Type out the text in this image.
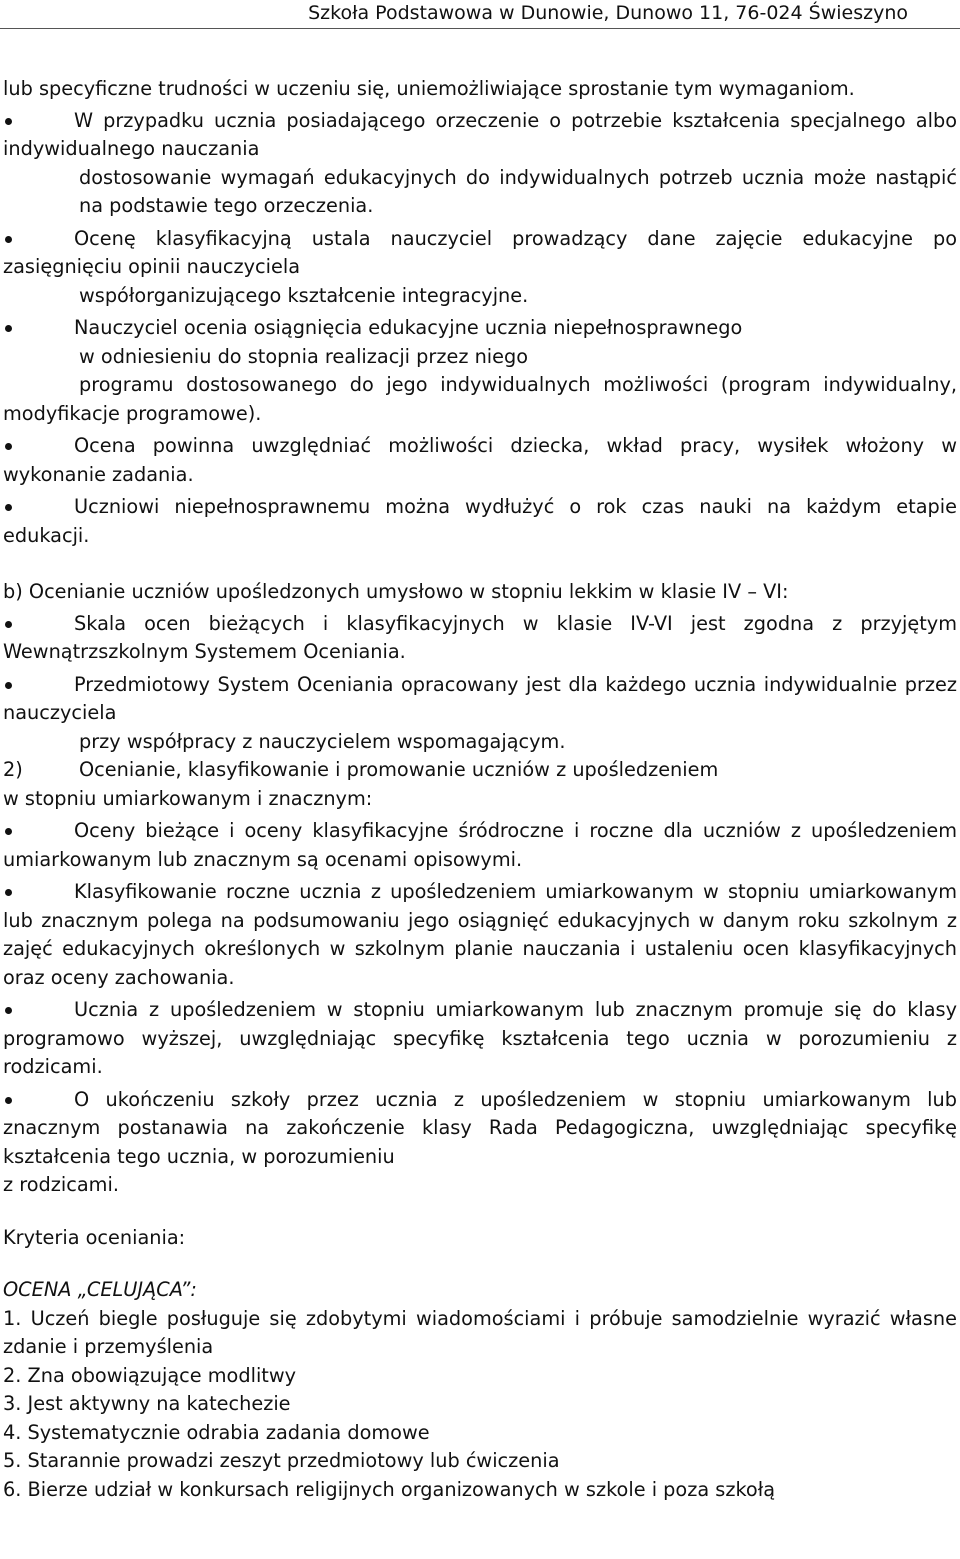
Szkoła Podstawowa w Dunowie, Dunowo 11, 76-024 Świeszyno

lub specyficzne trudności w uczeniu się, uniemożliwiające sprostanie tym wymaganiom.

W przypadku ucznia posiadającego orzeczenie o potrzebie kształcenia specjalnego albo indywidualnego nauczania
dostosowanie wymagań edukacyjnych do indywidualnych potrzeb ucznia może nastąpić na podstawie tego orzeczenia.

Ocenę klasyfikacyjną ustala nauczyciel prowadzący dane zajęcie edukacyjne po zasięgnięciu opinii nauczyciela
współorganizującego kształcenie integracyjne.

Nauczyciel ocenia osiągnięcia edukacyjne ucznia niepełnosprawnego
w odniesieniu do stopnia realizacji przez niego
programu dostosowanego do jego indywidualnych możliwości (program indywidualny, modyfikacje programowe).

Ocena powinna uwzględniać możliwości dziecka, wkład pracy, wysiłek włożony w wykonanie zadania.

Uczniowi niepełnosprawnemu można wydłużyć o rok czas nauki na każdym etapie edukacji.

b) Ocenianie uczniów upośledzonych umysłowo w stopniu lekkim w klasie IV – VI:

Skala ocen bieżących i klasyfikacyjnych w klasie IV-VI jest zgodna z przyjętym Wewnątrzszkolnym Systemem Oceniania.

Przedmiotowy System Oceniania opracowany jest dla każdego ucznia indywidualnie przez nauczyciela
przy współpracy z nauczycielem wspomagającym.

2)	Ocenianie, klasyfikowanie i promowanie uczniów z upośledzeniem
w stopniu umiarkowanym i znacznym:

Oceny bieżące i oceny klasyfikacyjne śródroczne i roczne dla uczniów z upośledzeniem umiarkowanym lub znacznym są ocenami opisowymi.

Klasyfikowanie roczne ucznia z upośledzeniem umiarkowanym w stopniu umiarkowanym lub znacznym polega na podsumowaniu jego osiągnięć edukacyjnych w danym roku szkolnym z zajęć edukacyjnych określonych w szkolnym planie nauczania i ustaleniu ocen klasyfikacyjnych oraz oceny zachowania.

Ucznia z upośledzeniem w stopniu umiarkowanym lub znacznym promuje się do klasy programowo wyższej, uwzględniając specyfikę kształcenia tego ucznia w porozumieniu z rodzicami.

O ukończeniu szkoły przez ucznia z upośledzeniem w stopniu umiarkowanym lub znacznym postanawia na zakończenie klasy Rada Pedagogiczna, uwzględniając specyfikę kształcenia tego ucznia, w porozumieniu
z rodzicami.

Kryteria oceniania:

OCENA „CELUJĄCA”:

1. Uczeń biegle posługuje się zdobytymi wiadomościami i próbuje samodzielnie wyrazić własne zdanie i przemyślenia

2. Zna obowiązujące modlitwy

3. Jest aktywny na katechezie

4. Systematycznie odrabia zadania domowe

5. Starannie prowadzi zeszyt przedmiotowy lub ćwiczenia

6. Bierze udział w konkursach religijnych organizowanych w szkole i poza szkołą
